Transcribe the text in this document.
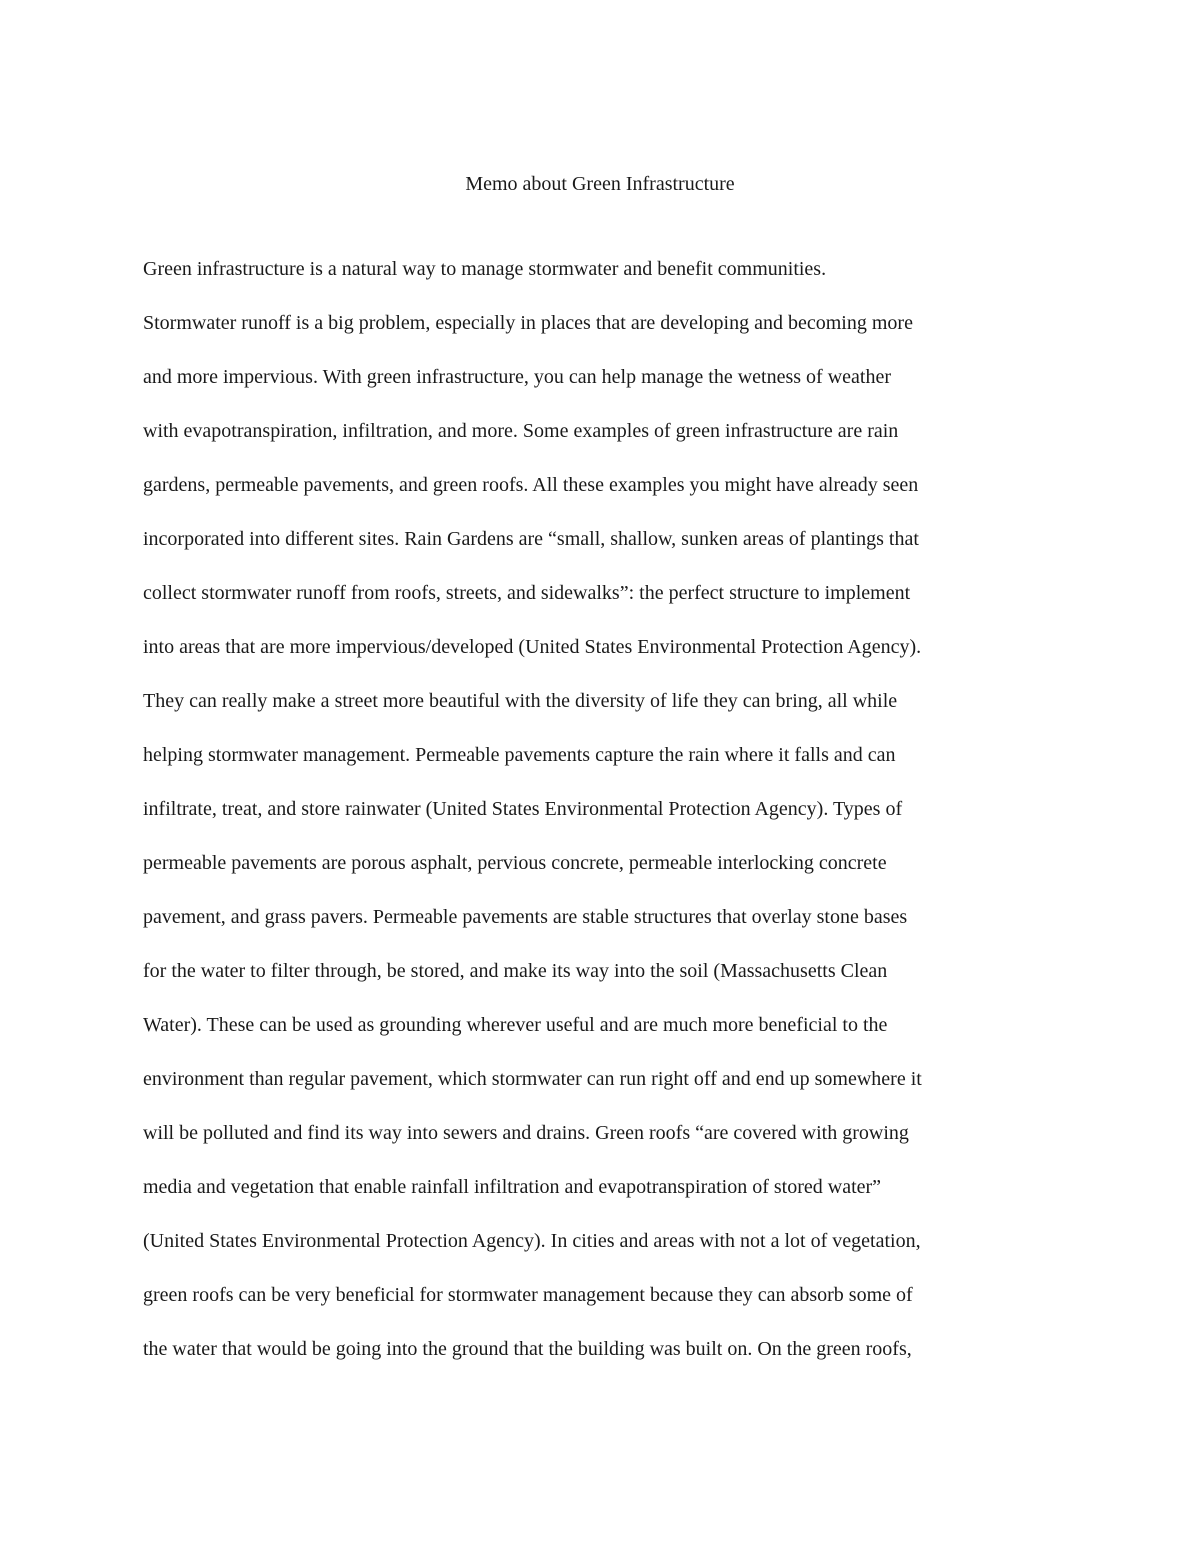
Memo about Green Infrastructure
Green infrastructure is a natural way to manage stormwater and benefit communities.
Stormwater runoff is a big problem, especially in places that are developing and becoming more
and more impervious. With green infrastructure, you can help manage the wetness of weather
with evapotranspiration, infiltration, and more. Some examples of green infrastructure are rain
gardens, permeable pavements, and green roofs. All these examples you might have already seen
incorporated into different sites. Rain Gardens are “small, shallow, sunken areas of plantings that
collect stormwater runoff from roofs, streets, and sidewalks”: the perfect structure to implement
into areas that are more impervious/developed (United States Environmental Protection Agency).
They can really make a street more beautiful with the diversity of life they can bring, all while
helping stormwater management. Permeable pavements capture the rain where it falls and can
infiltrate, treat, and store rainwater (United States Environmental Protection Agency). Types of
permeable pavements are porous asphalt, pervious concrete, permeable interlocking concrete
pavement, and grass pavers. Permeable pavements are stable structures that overlay stone bases
for the water to filter through, be stored, and make its way into the soil (Massachusetts Clean
Water). These can be used as grounding wherever useful and are much more beneficial to the
environment than regular pavement, which stormwater can run right off and end up somewhere it
will be polluted and find its way into sewers and drains. Green roofs “are covered with growing
media and vegetation that enable rainfall infiltration and evapotranspiration of stored water”
(United States Environmental Protection Agency). In cities and areas with not a lot of vegetation,
green roofs can be very beneficial for stormwater management because they can absorb some of
the water that would be going into the ground that the building was built on. On the green roofs,
